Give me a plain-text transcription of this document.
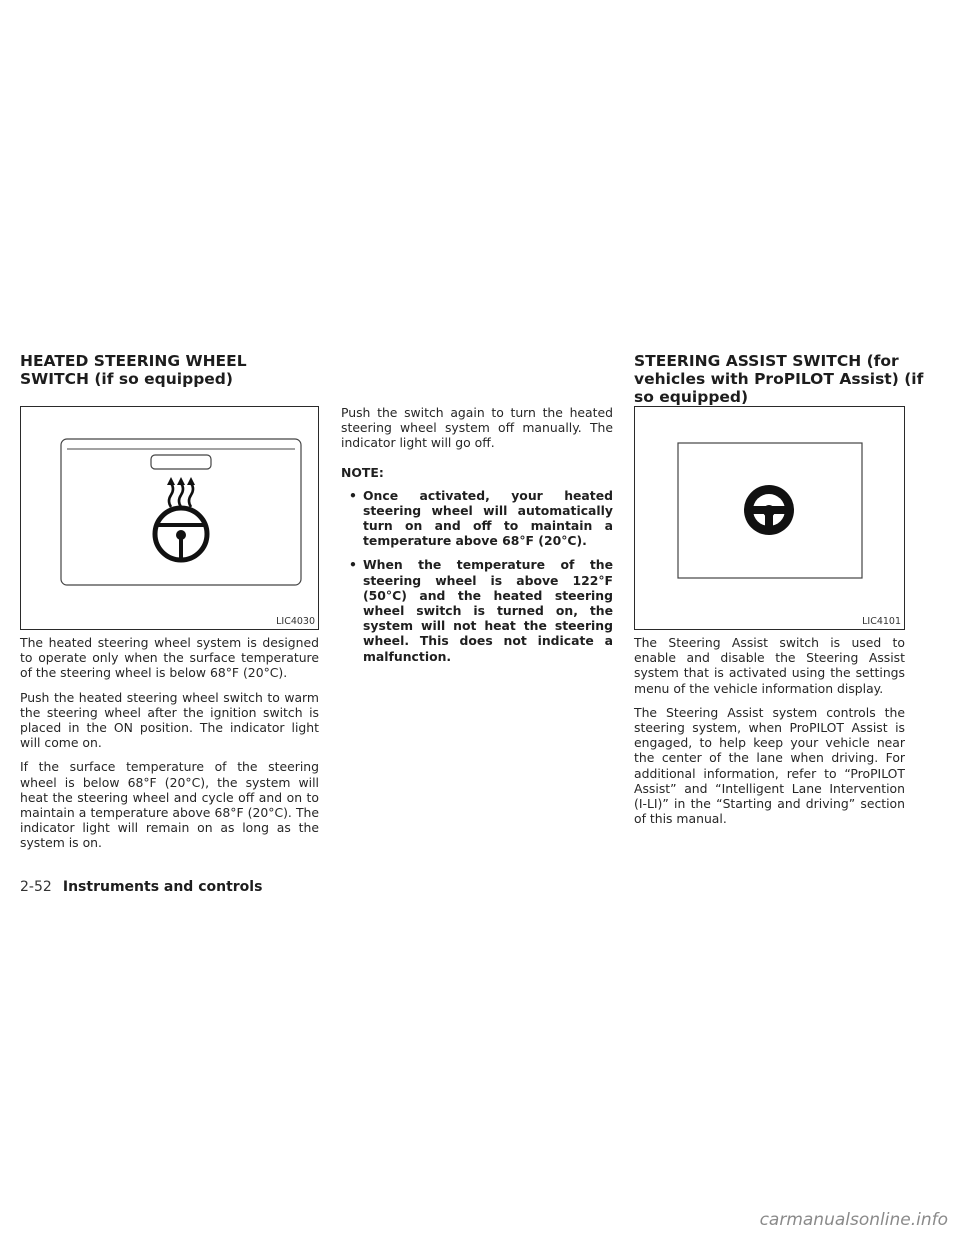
HEATED STEERING WHEEL SWITCH (if so equipped)
LIC4030

The heated steering wheel system is designed to operate only when the surface temperature of the steering wheel is below 68°F (20°C).

Push the heated steering wheel switch to warm the steering wheel after the ignition switch is placed in the ON position. The indicator light will come on.

If the surface temperature of the steering wheel is below 68°F (20°C), the system will heat the steering wheel and cycle off and on to maintain a temperature above 68°F (20°C). The indicator light will remain on as long as the system is on.

Push the switch again to turn the heated steering wheel system off manually. The indicator light will go off.

NOTE:

• Once activated, your heated steering wheel will automatically turn on and off to maintain a temperature above 68°F (20°C).

• When the temperature of the steering wheel is above 122°F (50°C) and the heated steering wheel switch is turned on, the system will not heat the steering wheel. This does not indicate a malfunction.

STEERING ASSIST SWITCH (for vehicles with ProPILOT Assist) (if so equipped)
LIC4101

The Steering Assist switch is used to enable and disable the Steering Assist system that is activated using the settings menu of the vehicle information display.

The Steering Assist system controls the steering system, when ProPILOT Assist is engaged, to help keep your vehicle near the center of the lane when driving. For additional information, refer to “ProPILOT Assist” and “Intelligent Lane Intervention (I-LI)” in the “Starting and driving” section of this manual.

2-52 Instruments and controls
carmanualsonline.info
